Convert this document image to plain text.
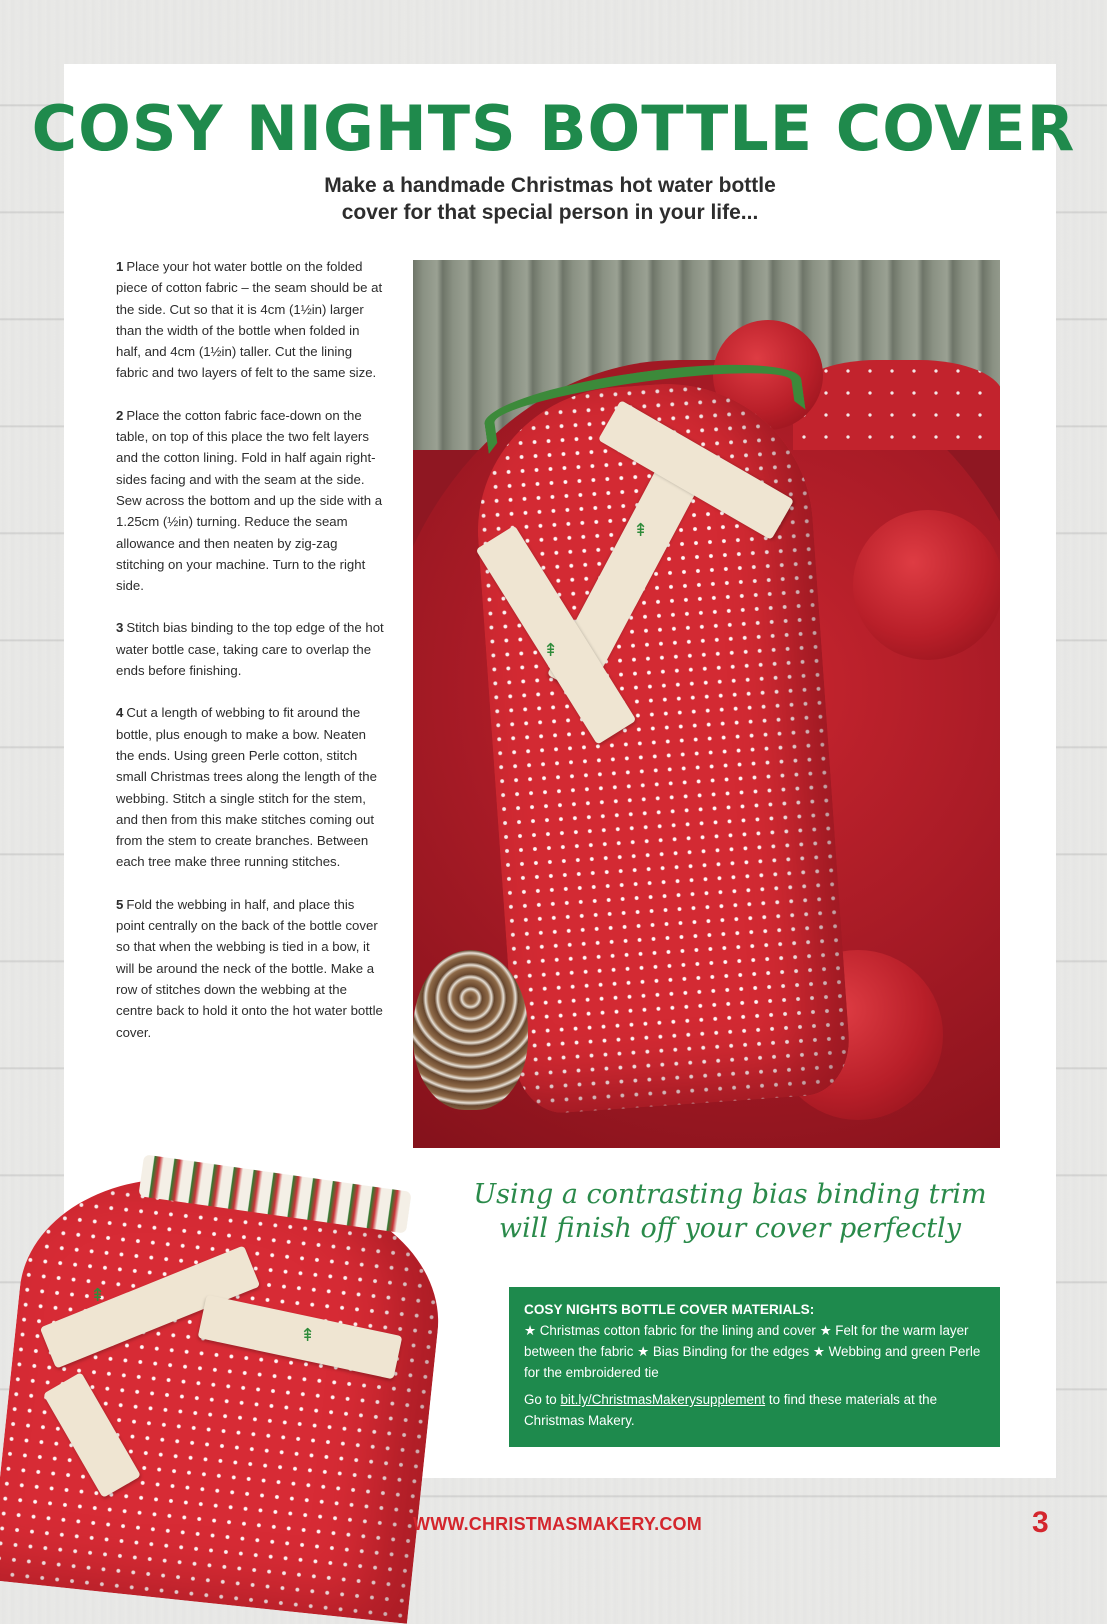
COSY NIGHTS BOTTLE COVER

Make a handmade Christmas hot water bottle
cover for that special person in your life...

1 Place your hot water bottle on the folded piece of cotton fabric – the seam should be at the side. Cut so that it is 4cm (1½in) larger than the width of the bottle when folded in half, and 4cm (1½in) taller. Cut the lining fabric and two layers of felt to the same size.

2 Place the cotton fabric face-down on the table, on top of this place the two felt layers and the cotton lining. Fold in half again right-sides facing and with the seam at the side. Sew across the bottom and up the side with a 1.25cm (½in) turning. Reduce the seam allowance and then neaten by zig-zag stitching on your machine. Turn to the right side.

3 Stitch bias binding to the top edge of the hot water bottle case, taking care to overlap the ends before finishing.

4 Cut a length of webbing to fit around the bottle, plus enough to make a bow. Neaten the ends. Using green Perle cotton, stitch small Christmas trees along the length of the webbing. Stitch a single stitch for the stem, and then from this make stitches coming out from the stem to create branches. Between each tree make three running stitches.

5 Fold the webbing in half, and place this point centrally on the back of the bottle cover so that when the webbing is tied in a bow, it will be around the neck of the bottle. Make a row of stitches down the webbing at the centre back to hold it onto the hot water bottle cover.

⇞
⇞

Using a contrasting bias binding trim
will finish off your cover perfectly

COSY NIGHTS BOTTLE COVER MATERIALS:

★ Christmas cotton fabric for the lining and cover ★ Felt for the warm layer between the fabric ★ Bias Binding for the edges ★ Webbing and green Perle for the embroidered tie

Go to bit.ly/ChristmasMakerysupplement to find these materials at the Christmas Makery.

⇞
⇞

WWW.CHRISTMASMAKERY.COM	3
